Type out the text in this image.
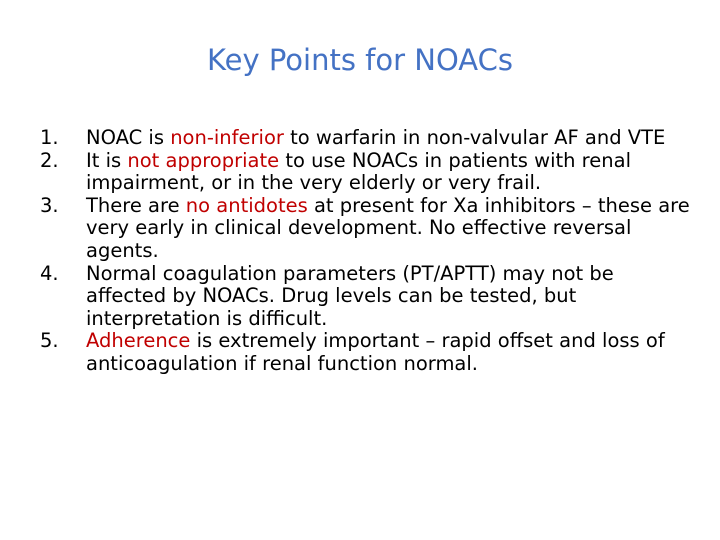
Key Points for NOACs
1.	NOAC is non-inferior to warfarin in non-valvular AF and VTE
2.	It is not appropriate to use NOACs in patients with renal impairment, or in the very elderly or very frail.
3.	There are no antidotes at present for Xa inhibitors – these are very early in clinical development. No effective reversal agents.
4.	Normal coagulation parameters (PT/APTT) may not be affected by NOACs. Drug levels can be tested, but interpretation is difficult.
5.	Adherence is extremely important – rapid offset and loss of anticoagulation if renal function normal.
